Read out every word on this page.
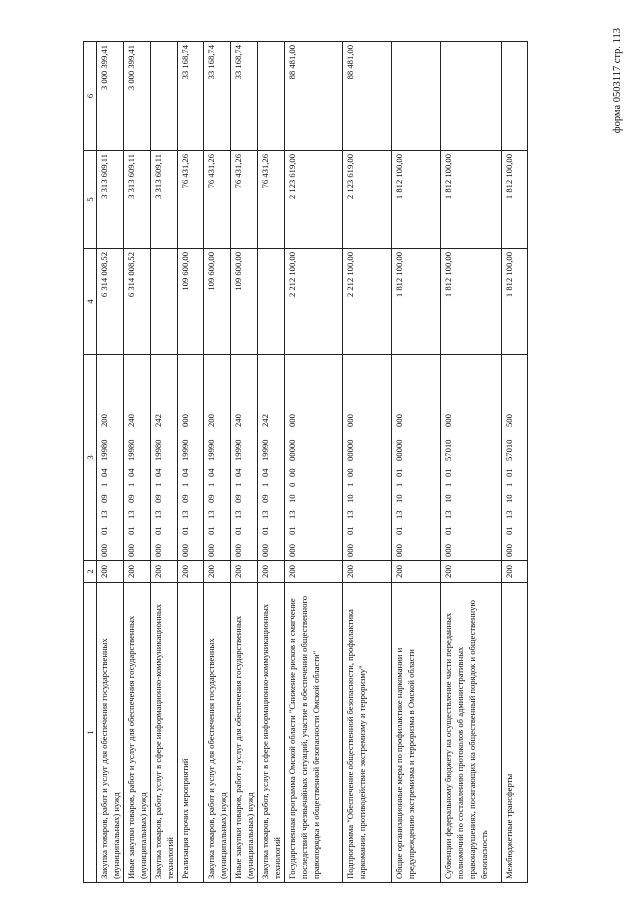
форма 0503117 стр. 113
1	2	3	4	5	6
Закупка товаров, работ и услуг для обеспечения государственных (муниципальных) нужд	200	00001130910419980200	6 314 008,52	3 313 609,11	3 000 399,41
Иные закупки товаров, работ и услуг для обеспечения государственных (муниципальных) нужд	200	00001130910419980240	6 314 008,52	3 313 609,11	3 000 399,41
Закупка товаров, работ, услуг в сфере информационно-коммуникационных технологий	200	00001130910419980242		3 313 609,11	
Реализация прочих мероприятий	200	00001130910419990000	109 600,00	76 431,26	33 168,74
Закупка товаров, работ и услуг для обеспечения государственных (муниципальных) нужд	200	00001130910419990200	109 600,00	76 431,26	33 168,74
Иные закупки товаров, работ и услуг для обеспечения государственных (муниципальных) нужд	200	00001130910419990240	109 600,00	76 431,26	33 168,74
Закупка товаров, работ, услуг в сфере информационно-коммуникационных технологий	200	00001130910419990242		76 431,26	
Государственная программа Омской области "Снижение рисков и смягчение последствий чрезвычайных ситуаций, участие в обеспечении общественного правопорядка и общественной безопасности Омской области"	200	00001131000000000000	2 212 100,00	2 123 619,00	88 481,00
Подпрограмма "Обеспечение общественной безопасности, профилактика наркомании, противодействие экстремизму и терроризму"	200	00001131010000000000	2 212 100,00	2 123 619,00	88 481,00
Общие организационные меры по профилактике наркомании и предупреждению экстремизма и терроризма в Омской области	200	00001131010100000000	1 812 100,00	1 812 100,00	
Субвенции федеральному бюджету на осуществление части переданных полномочий по составлению протоколов об административных правонарушениях, посягающих на общественный порядок и общественную безопасность	200	00001131010157010000	1 812 100,00	1 812 100,00	
Межбюджетные трансферты	200	00001131010157010500	1 812 100,00	1 812 100,00	
